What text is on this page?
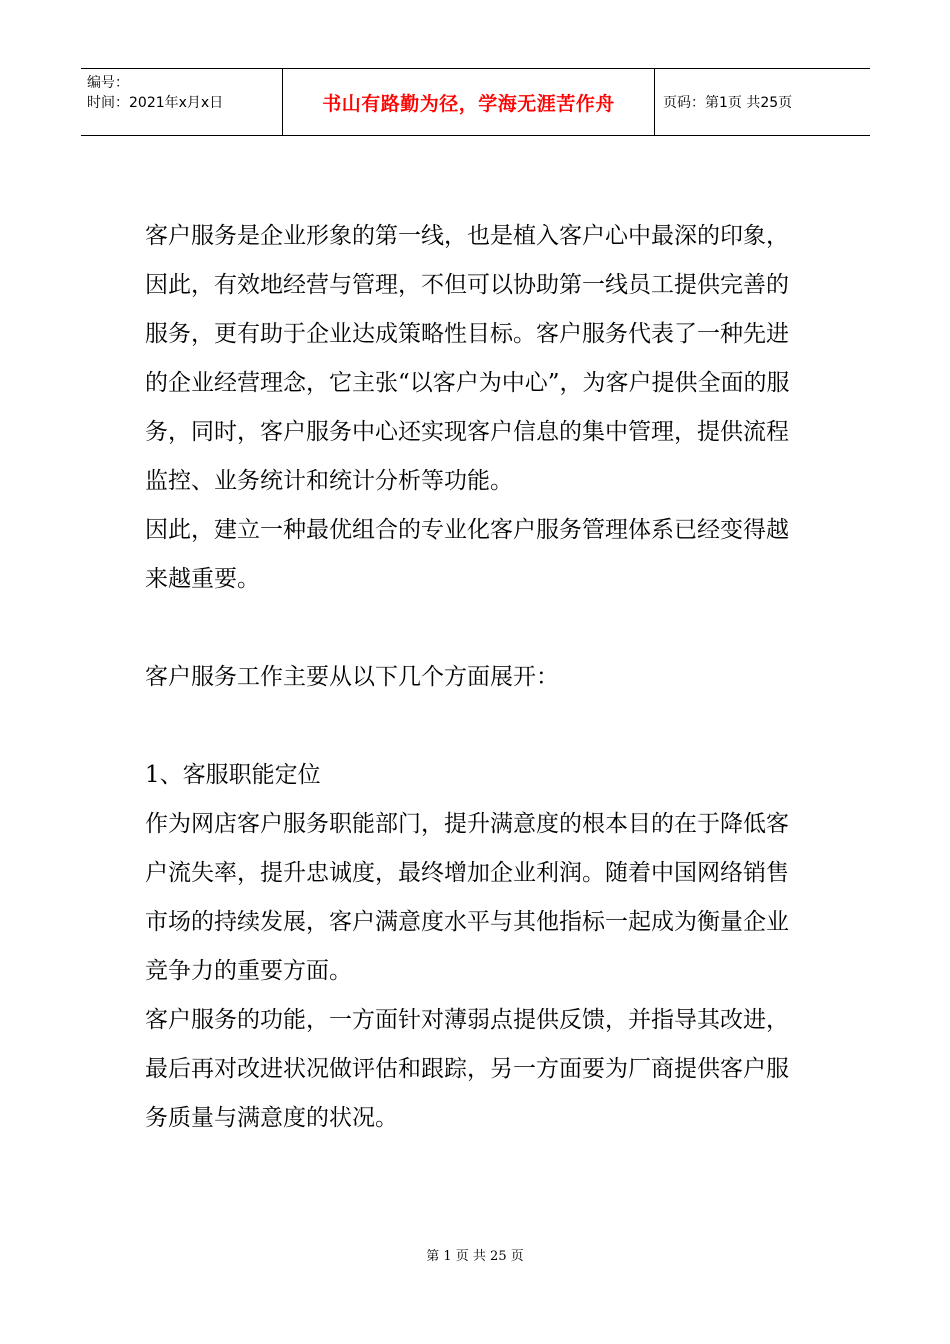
编号：
时间：2021年x月x日	书山有路勤为径，学海无涯苦作舟	页码：第1页 共25页

客户服务是企业形象的第一线，也是植入客户心中最深的印象，因此，有效地经营与管理，不但可以协助第一线员工提供完善的服务，更有助于企业达成策略性目标。客户服务代表了一种先进的企业经营理念，它主张“以客户为中心”，为客户提供全面的服务，同时，客户服务中心还实现客户信息的集中管理，提供流程监控、业务统计和统计分析等功能。

因此，建立一种最优组合的专业化客户服务管理体系已经变得越来越重要。

客户服务工作主要从以下几个方面展开：

1、客服职能定位

作为网店客户服务职能部门，提升满意度的根本目的在于降低客户流失率，提升忠诚度，最终增加企业利润。随着中国网络销售市场的持续发展，客户满意度水平与其他指标一起成为衡量企业竞争力的重要方面。

客户服务的功能，一方面针对薄弱点提供反馈，并指导其改进，最后再对改进状况做评估和跟踪，另一方面要为厂商提供客户服务质量与满意度的状况。

第 1 页 共 25 页
